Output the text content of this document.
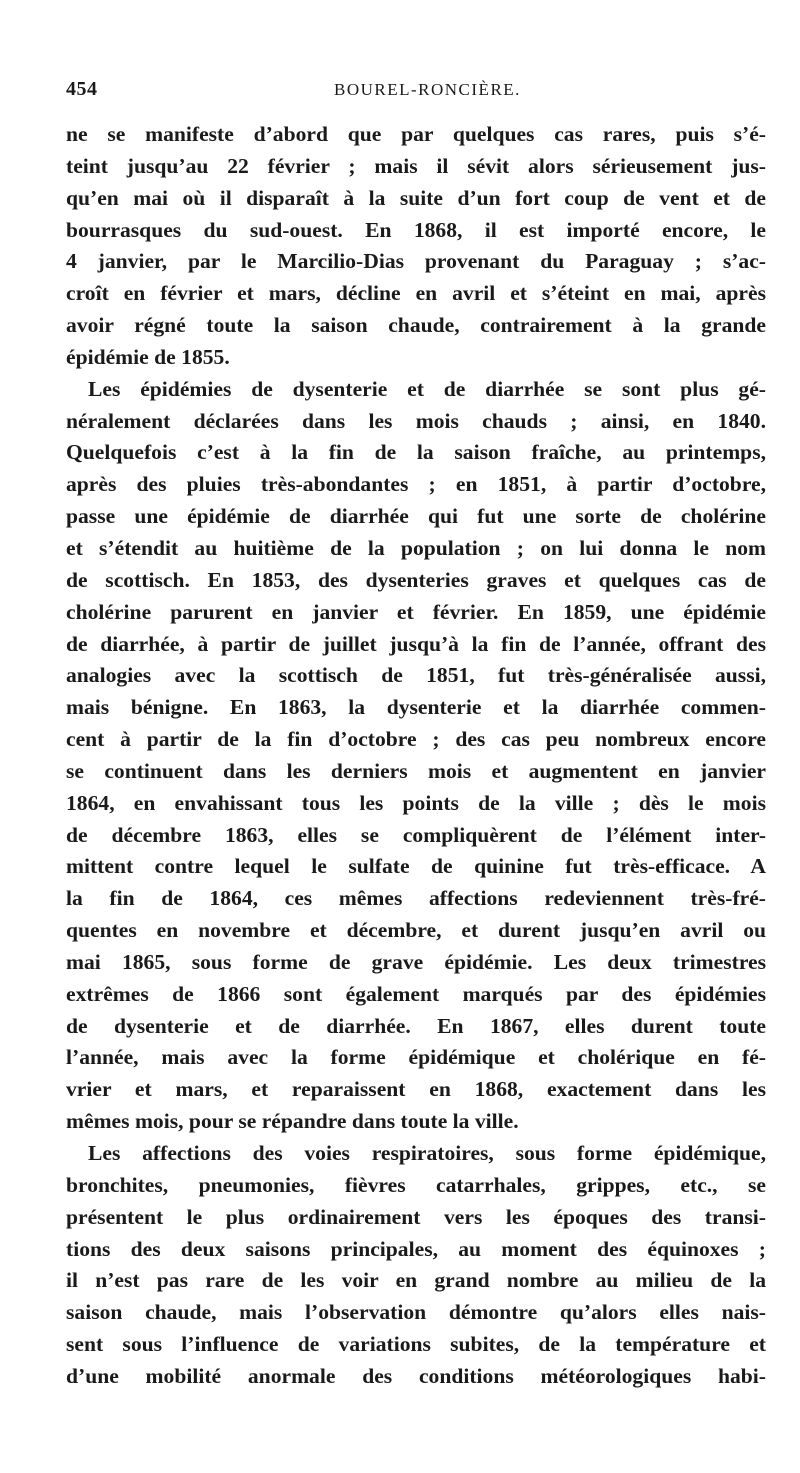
454	BOUREL-RONCIÈRE.
ne se manifeste d’abord que par quelques cas rares, puis s’é-
teint jusqu’au 22 février ; mais il sévit alors sérieusement jus-
qu’en mai où il disparaît à la suite d’un fort coup de vent et de
bourrasques du sud-ouest. En 1868, il est importé encore, le
4 janvier, par le Marcilio-Dias provenant du Paraguay ; s’ac-
croît en février et mars, décline en avril et s’éteint en mai, après
avoir régné toute la saison chaude, contrairement à la grande
épidémie de 1855.
Les épidémies de dysenterie et de diarrhée se sont plus gé-
néralement déclarées dans les mois chauds ; ainsi, en 1840.
Quelquefois c’est à la fin de la saison fraîche, au printemps,
après des pluies très-abondantes ; en 1851, à partir d’octobre,
passe une épidémie de diarrhée qui fut une sorte de cholérine
et s’étendit au huitième de la population ; on lui donna le nom
de scottisch. En 1853, des dysenteries graves et quelques cas de
cholérine parurent en janvier et février. En 1859, une épidémie
de diarrhée, à partir de juillet jusqu’à la fin de l’année, offrant des
analogies avec la scottisch de 1851, fut très-généralisée aussi,
mais bénigne. En 1863, la dysenterie et la diarrhée commen-
cent à partir de la fin d’octobre ; des cas peu nombreux encore
se continuent dans les derniers mois et augmentent en janvier
1864, en envahissant tous les points de la ville ; dès le mois
de décembre 1863, elles se compliquèrent de l’élément inter-
mittent contre lequel le sulfate de quinine fut très-efficace. A
la fin de 1864, ces mêmes affections redeviennent très-fré-
quentes en novembre et décembre, et durent jusqu’en avril ou
mai 1865, sous forme de grave épidémie. Les deux trimestres
extrêmes de 1866 sont également marqués par des épidémies
de dysenterie et de diarrhée. En 1867, elles durent toute
l’année, mais avec la forme épidémique et cholérique en fé-
vrier et mars, et reparaissent en 1868, exactement dans les
mêmes mois, pour se répandre dans toute la ville.
Les affections des voies respiratoires, sous forme épidémique,
bronchites, pneumonies, fièvres catarrhales, grippes, etc., se
présentent le plus ordinairement vers les époques des transi-
tions des deux saisons principales, au moment des équinoxes ;
il n’est pas rare de les voir en grand nombre au milieu de la
saison chaude, mais l’observation démontre qu’alors elles nais-
sent sous l’influence de variations subites, de la température et
d’une mobilité anormale des conditions météorologiques habi-
